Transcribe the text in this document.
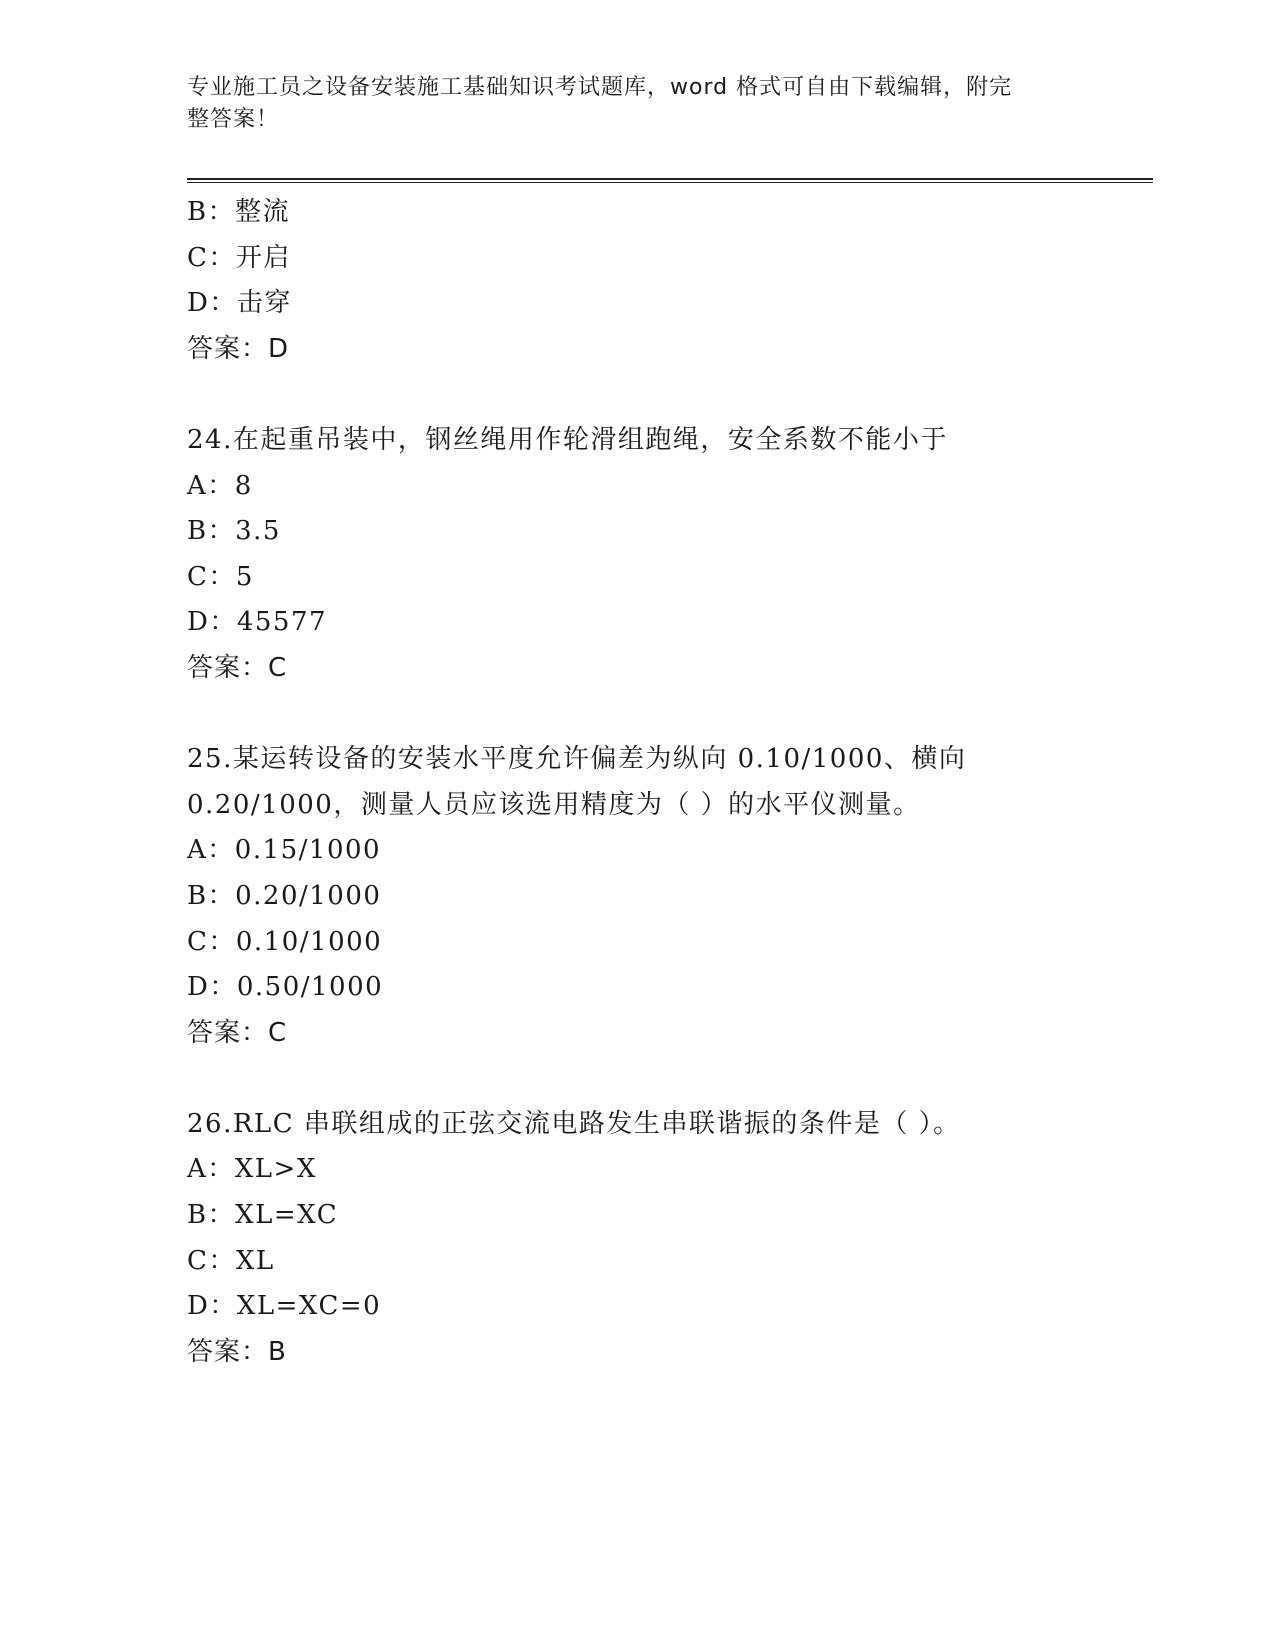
专业施工员之设备安装施工基础知识考试题库，word 格式可自由下载编辑，附完
整答案！
B：整流
C：开启
D：击穿
答案：D
24.在起重吊装中，钢丝绳用作轮滑组跑绳，安全系数不能小于
A：8
B：3.5
C：5
D：45577
答案：C
25.某运转设备的安装水平度允许偏差为纵向 0.10/1000、横向
0.20/1000，测量人员应该选用精度为（ ）的水平仪测量。
A：0.15/1000
B：0.20/1000
C：0.10/1000
D：0.50/1000
答案：C
26.RLC 串联组成的正弦交流电路发生串联谐振的条件是（ ）。
A：XL>X
B：XL=XC
C：XL
D：XL=XC=0
答案：B
